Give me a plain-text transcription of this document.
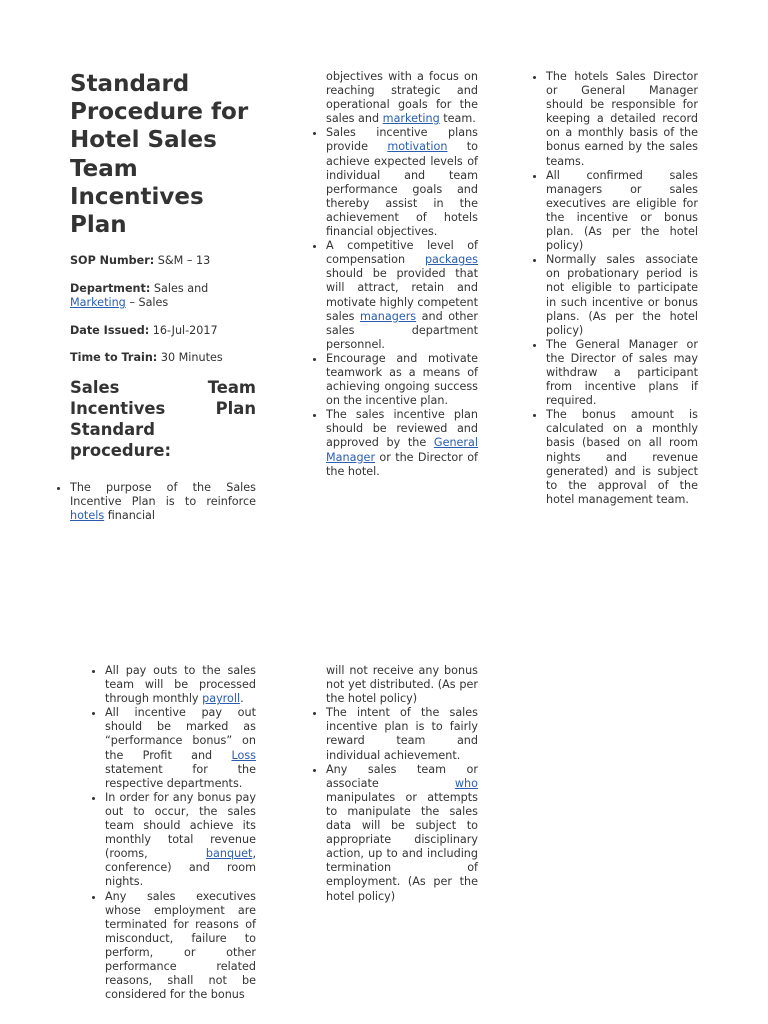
Standard Procedure for Hotel Sales Team Incentives Plan

SOP Number: S&M – 13

Department: Sales and Marketing – Sales

Date Issued: 16-Jul-2017

Time to Train: 30 Minutes

Sales Team Incentives Plan Standard procedure:
• The purpose of the Sales Incentive Plan is to reinforce hotels financial
objectives with a focus on reaching strategic and operational goals for the sales and marketing team.
• Sales incentive plans provide motivation to achieve expected levels of individual and team performance goals and thereby assist in the achievement of hotels financial objectives.
• A competitive level of compensation packages should be provided that will attract, retain and motivate highly competent sales managers and other sales department personnel.
• Encourage and motivate teamwork as a means of achieving ongoing success on the incentive plan.
• The sales incentive plan should be reviewed and approved by the General Manager or the Director of the hotel.
• The hotels Sales Director or General Manager should be responsible for keeping a detailed record on a monthly basis of the bonus earned by the sales teams.
• All confirmed sales managers or sales executives are eligible for the incentive or bonus plan. (As per the hotel policy)
• Normally sales associate on probationary period is not eligible to participate in such incentive or bonus plans. (As per the hotel policy)
• The General Manager or the Director of sales may withdraw a participant from incentive plans if required.
• The bonus amount is calculated on a monthly basis (based on all room nights and revenue generated) and is subject to the approval of the hotel management team.
• All pay outs to the sales team will be processed through monthly payroll.
• All incentive pay out should be marked as “performance bonus” on the Profit and Loss statement for the respective departments.
• In order for any bonus pay out to occur, the sales team should achieve its monthly total revenue (rooms, banquet, conference) and room nights.
• Any sales executives whose employment are terminated for reasons of misconduct, failure to perform, or other performance related reasons, shall not be considered for the bonus
will not receive any bonus not yet distributed. (As per the hotel policy)
• The intent of the sales incentive plan is to fairly reward team and individual achievement.
• Any sales team or associate who manipulates or attempts to manipulate the sales data will be subject to appropriate disciplinary action, up to and including termination of employment. (As per the hotel policy)
